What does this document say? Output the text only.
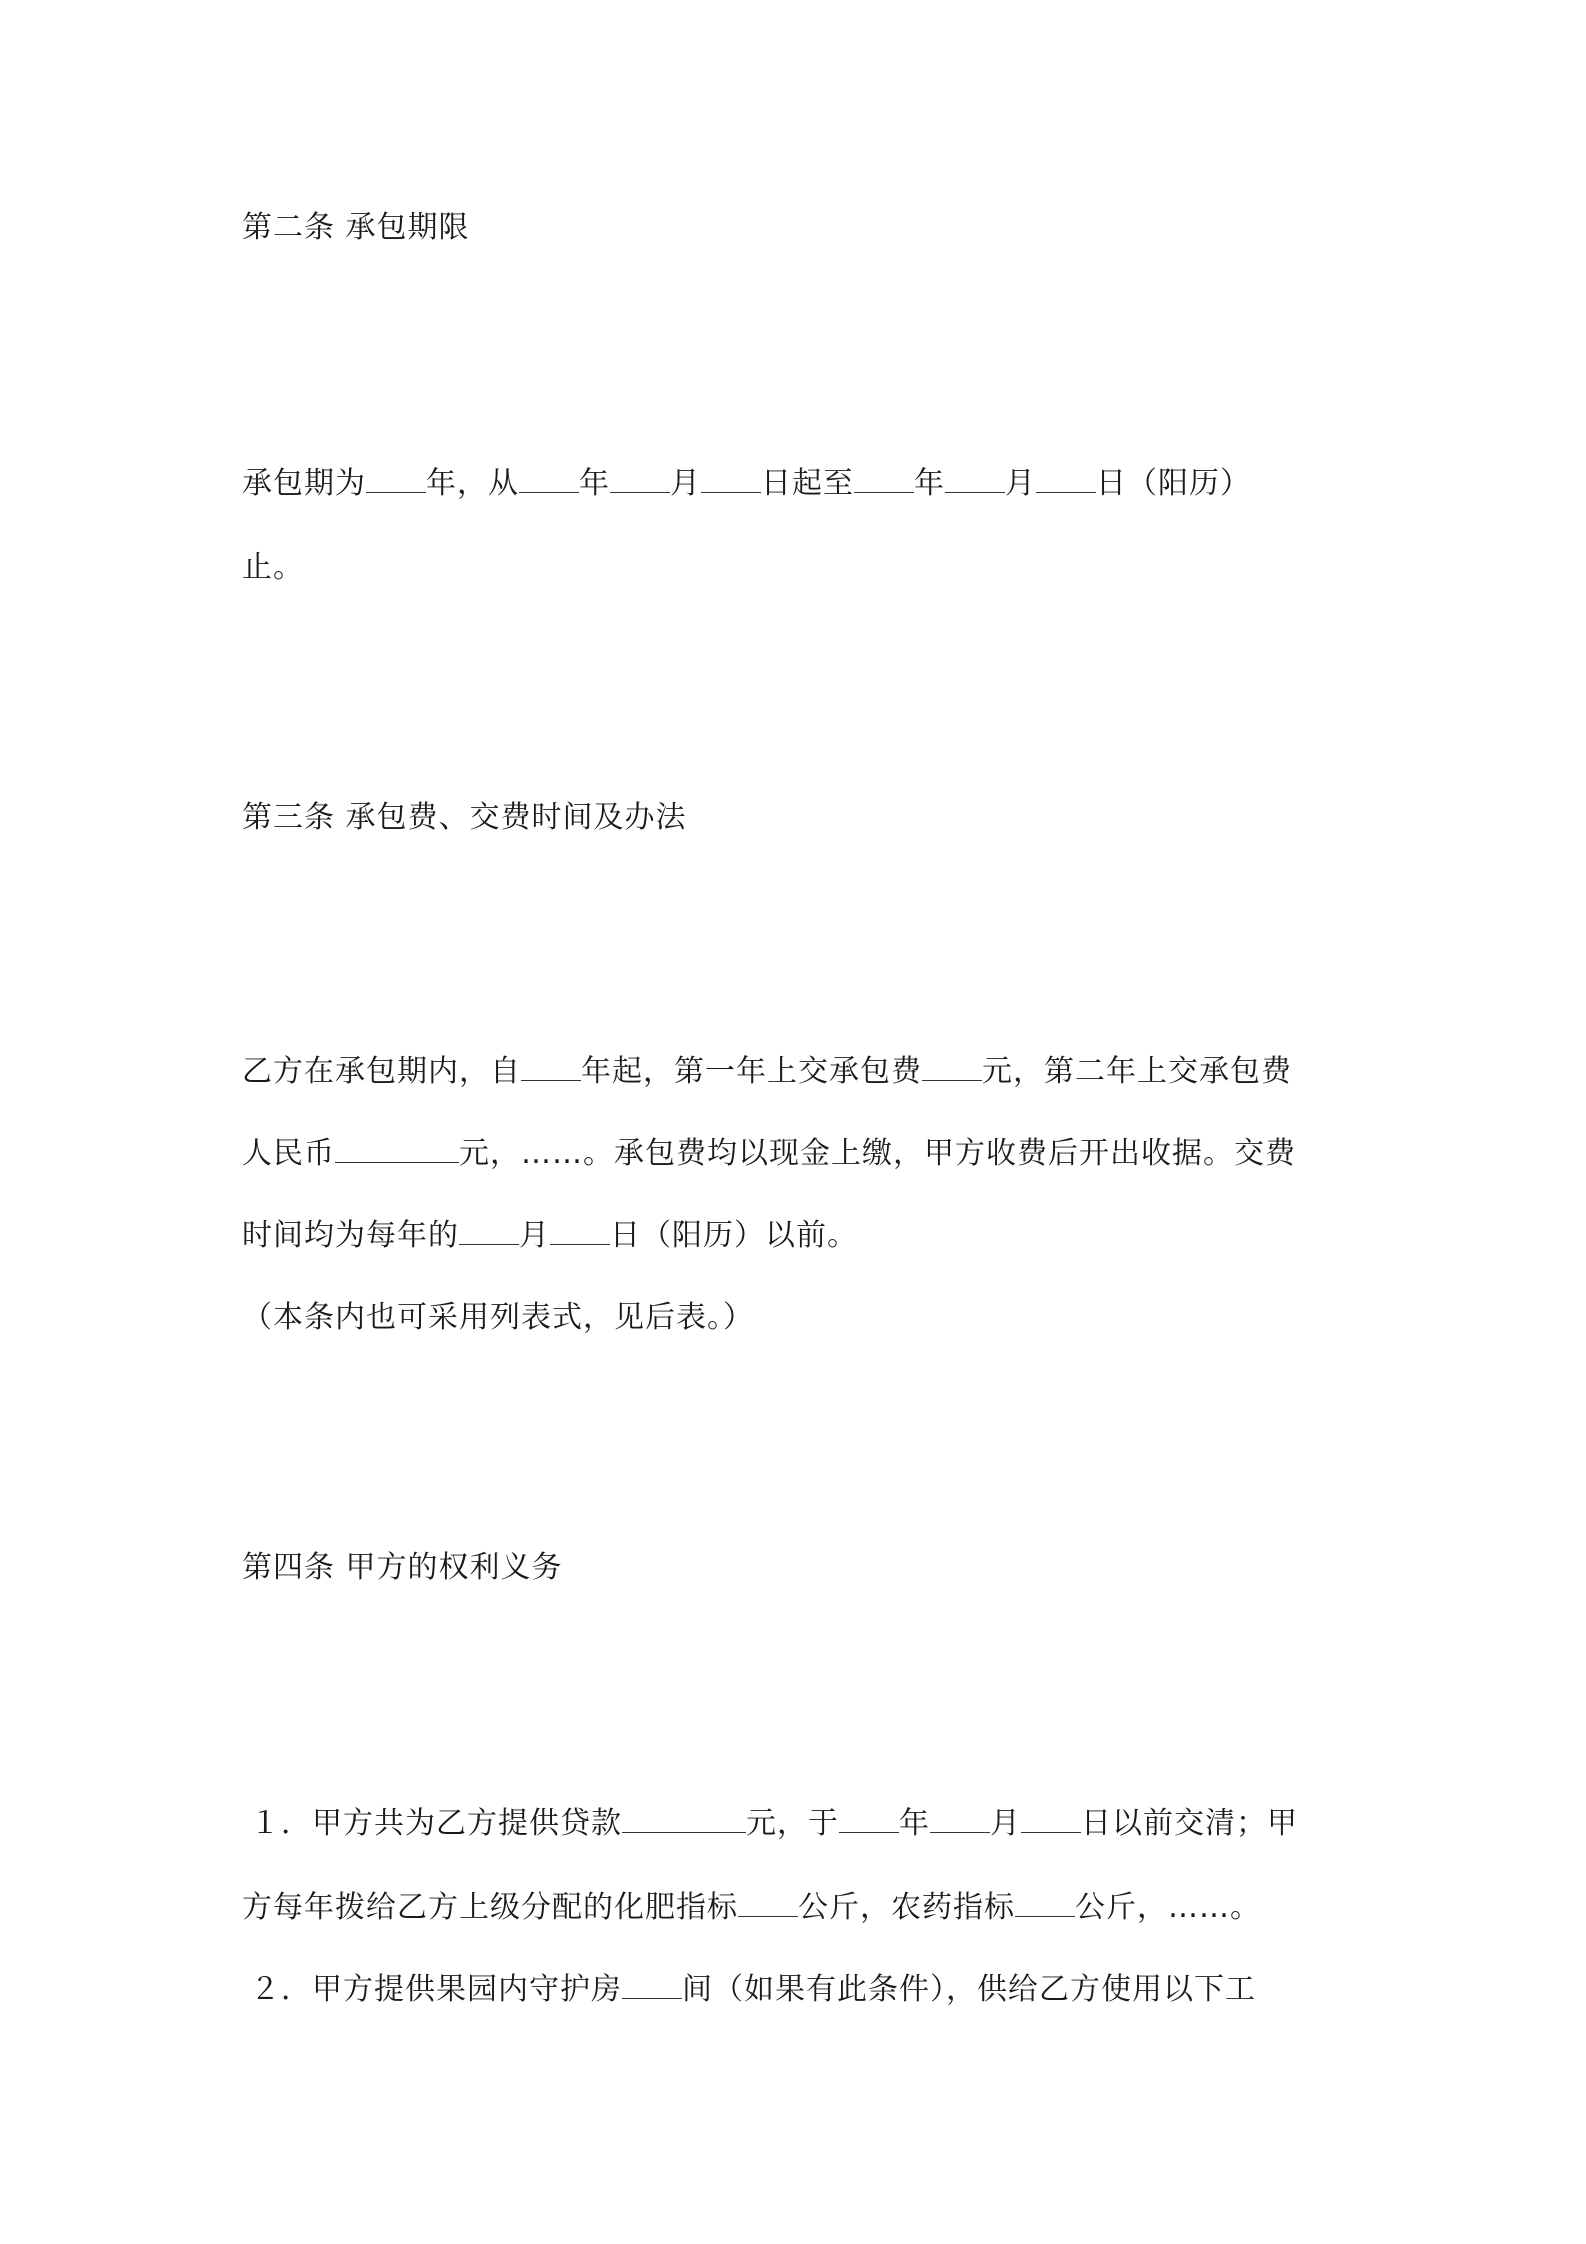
第二条 承包期限
承包期为 年，从 年 月 日起至 年 月 日（阳历）
止。
第三条 承包费、交费时间及办法
乙方在承包期内，自 年起，第一年上交承包费 元，第二年上交承包费
人民币	元，……。承包费均以现金上缴，甲方收费后开出收据。交费
时间均为每年的 月 日（阳历）以前。
（本条内也可采用列表式，见后表。）
第四条 甲方的权利义务
１．甲方共为乙方提供贷款	元，于 年 月 日以前交清；甲
方每年拨给乙方上级分配的化肥指标 公斤，农药指标 公斤，……。
２．甲方提供果园内守护房 间（如果有此条件），供给乙方使用以下工
